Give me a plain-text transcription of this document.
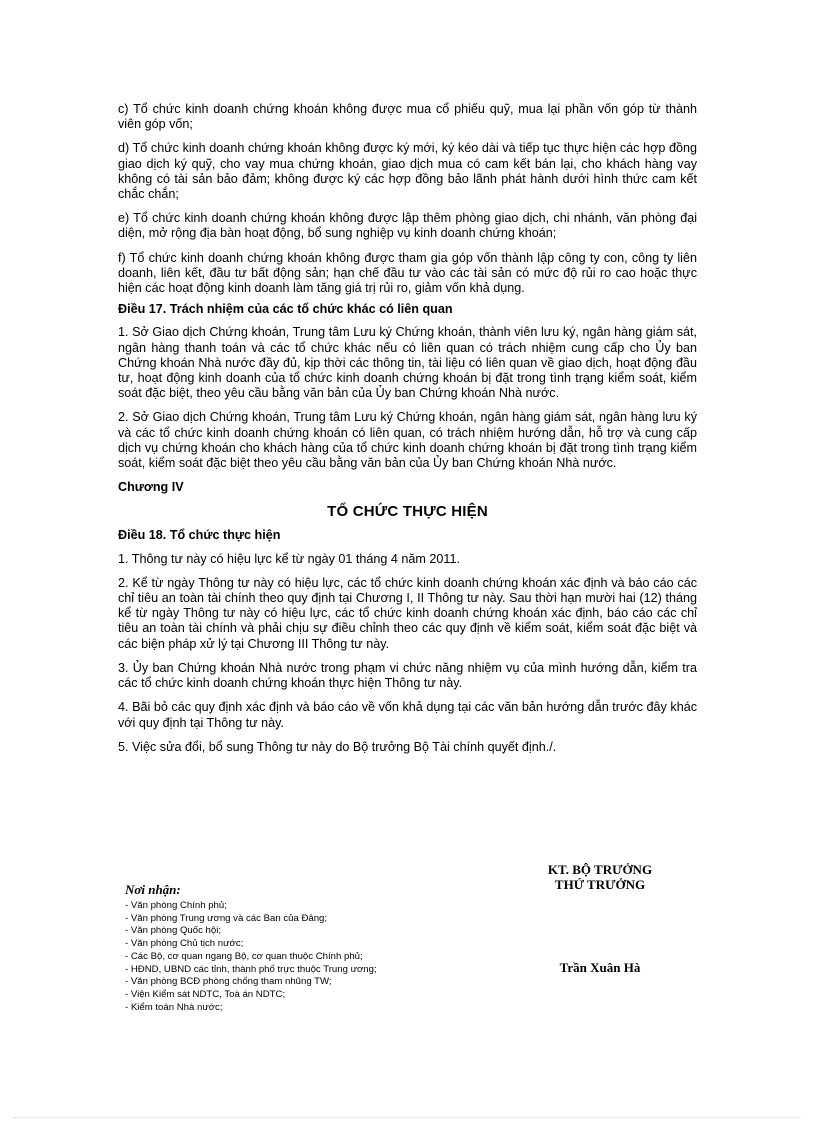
c) Tổ chức kinh doanh chứng khoán không được mua cổ phiếu quỹ, mua lại phần vốn góp từ thành viên góp vốn;

d) Tổ chức kinh doanh chứng khoán không được ký mới, ký kéo dài và tiếp tục thực hiện các hợp đồng giao dịch ký quỹ, cho vay mua chứng khoán, giao dịch mua có cam kết bán lại, cho khách hàng vay không có tài sản bảo đảm; không được ký các hợp đồng bảo lãnh phát hành dưới hình thức cam kết chắc chắn;

e) Tổ chức kinh doanh chứng khoán không được lập thêm phòng giao dịch, chi nhánh, văn phòng đại diện, mở rộng địa bàn hoạt động, bổ sung nghiệp vụ kinh doanh chứng khoán;

f) Tổ chức kinh doanh chứng khoán không được tham gia góp vốn thành lập công ty con, công ty liên doanh, liên kết, đầu tư bất động sản; hạn chế đầu tư vào các tài sản có mức độ rủi ro cao hoặc thực hiện các hoạt động kinh doanh làm tăng giá trị rủi ro, giảm vốn khả dụng.

Điều 17. Trách nhiệm của các tổ chức khác có liên quan

1. Sở Giao dịch Chứng khoán, Trung tâm Lưu ký Chứng khoán, thành viên lưu ký, ngân hàng giám sát, ngân hàng thanh toán và các tổ chức khác nếu có liên quan có trách nhiệm cung cấp cho Ủy ban Chứng khoán Nhà nước đầy đủ, kịp thời các thông tin, tài liệu có liên quan về giao dịch, hoạt động đầu tư, hoạt động kinh doanh của tổ chức kinh doanh chứng khoán bị đặt trong tình trạng kiểm soát, kiểm soát đặc biệt, theo yêu cầu bằng văn bản của Ủy ban Chứng khoán Nhà nước.

2. Sở Giao dịch Chứng khoán, Trung tâm Lưu ký Chứng khoán, ngân hàng giám sát, ngân hàng lưu ký và các tổ chức kinh doanh chứng khoán có liên quan, có trách nhiệm hướng dẫn, hỗ trợ và cung cấp dịch vụ chứng khoán cho khách hàng của tổ chức kinh doanh chứng khoán bị đặt trong tình trạng kiểm soát, kiểm soát đặc biệt theo yêu cầu bằng văn bản của Ủy ban Chứng khoán Nhà nước.

Chương IV

TỔ CHỨC THỰC HIỆN

Điều 18. Tổ chức thực hiện

1. Thông tư này có hiệu lực kể từ ngày 01 tháng 4 năm 2011.

2. Kể từ ngày Thông tư này có hiệu lực, các tổ chức kinh doanh chứng khoán xác định và báo cáo các chỉ tiêu an toàn tài chính theo quy định tại Chương I, II Thông tư này. Sau thời hạn mười hai (12) tháng kể từ ngày Thông tư này có hiệu lực, các tổ chức kinh doanh chứng khoán xác định, báo cáo các chỉ tiêu an toàn tài chính và phải chịu sự điều chỉnh theo các quy định về kiểm soát, kiểm soát đặc biệt và các biện pháp xử lý tại Chương III Thông tư này.

3. Ủy ban Chứng khoán Nhà nước trong phạm vi chức năng nhiệm vụ của mình hướng dẫn, kiểm tra các tổ chức kinh doanh chứng khoán thực hiện Thông tư này.

4. Bãi bỏ các quy định xác định và báo cáo về vốn khả dụng tại các văn bản hướng dẫn trước đây khác với quy định tại Thông tư này.

5. Việc sửa đổi, bổ sung Thông tư này do Bộ trưởng Bộ Tài chính quyết định./.

Nơi nhận:

- Văn phòng Chính phủ;

- Văn phòng Trung ương và các Ban của Đảng;

- Văn phòng Quốc hội;

- Văn phòng Chủ tịch nước;

- Các Bộ, cơ quan ngang Bộ, cơ quan thuộc Chính phủ;

- HĐND, UBND các tỉnh, thành phố trực thuộc Trung ương;

- Văn phòng BCĐ phòng chống tham nhũng TW;

- Viện Kiểm sát NDTC, Toà án NDTC;

- Kiểm toán Nhà nước;

KT. BỘ TRƯỞNG

THỨ TRƯỞNG

Trần Xuân Hà
